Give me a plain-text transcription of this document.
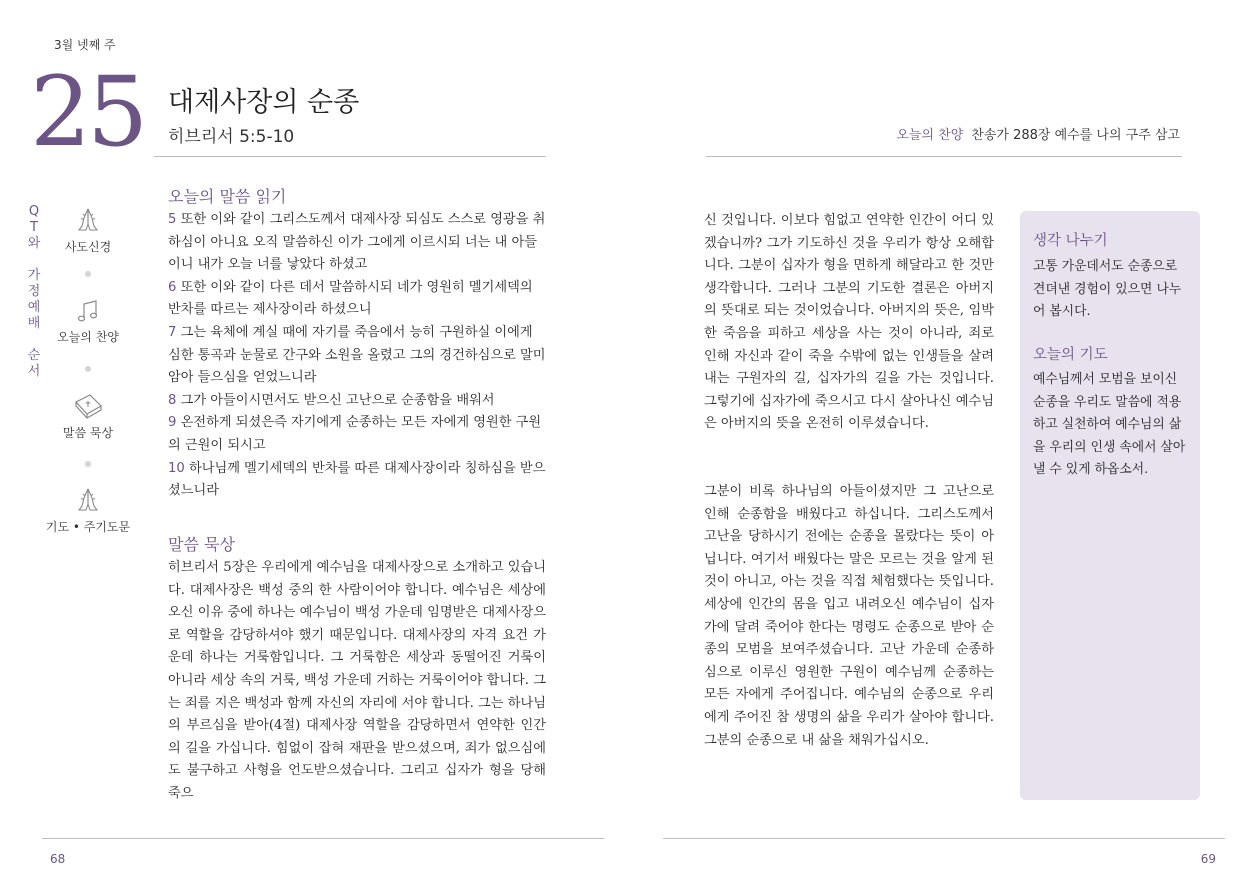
3월 넷째 주
25 대제사장의 순종
히브리서 5:5-10	오늘의 찬양 찬송가 288장 예수를 나의 구주 삼고
Q
T
와
가
정
예
배
순
서
사도신경
오늘의 찬양
말씀 묵상
기도 • 주기도문
오늘의 말씀 읽기

5 또한 이와 같이 그리스도께서 대제사장 되심도 스스로 영광을 취하심이 아니요 오직 말씀하신 이가 그에게 이르시되 너는 내 아들이니 내가 오늘 너를 낳았다 하셨고

6 또한 이와 같이 다른 데서 말씀하시되 네가 영원히 멜기세덱의 반차를 따르는 제사장이라 하셨으니

7 그는 육체에 계실 때에 자기를 죽음에서 능히 구원하실 이에게 심한 통곡과 눈물로 간구와 소원을 올렸고 그의 경건하심으로 말미암아 들으심을 얻었느니라

8 그가 아들이시면서도 받으신 고난으로 순종함을 배워서

9 온전하게 되셨은즉 자기에게 순종하는 모든 자에게 영원한 구원의 근원이 되시고

10 하나님께 멜기세덱의 반차를 따른 대제사장이라 칭하심을 받으셨느니라

말씀 묵상
히브리서 5장은 우리에게 예수님을 대제사장으로 소개하고 있습니다. 대제사장은 백성 중의 한 사람이어야 합니다. 예수님은 세상에 오신 이유 중에 하나는 예수님이 백성 가운데 임명받은 대제사장으로 역할을 감당하셔야 했기 때문입니다. 대제사장의 자격 요건 가운데 하나는 거룩함입니다. 그 거룩함은 세상과 동떨어진 거룩이 아니라 세상 속의 거룩, 백성 가운데 거하는 거룩이어야 합니다. 그는 죄를 지은 백성과 함께 자신의 자리에 서야 합니다. 그는 하나님의 부르심을 받아(4절) 대제사장 역할을 감당하면서 연약한 인간의 길을 가십니다. 힘없이 잡혀 재판을 받으셨으며, 죄가 없으심에도 불구하고 사형을 언도받으셨습니다. 그리고 십자가 형을 당해 죽으
신 것입니다. 이보다 힘없고 연약한 인간이 어디 있겠습니까? 그가 기도하신 것을 우리가 항상 오해합니다. 그분이 십자가 형을 면하게 해달라고 한 것만 생각합니다. 그러나 그분의 기도한 결론은 아버지의 뜻대로 되는 것이었습니다. 아버지의 뜻은, 임박한 죽음을 피하고 세상을 사는 것이 아니라, 죄로 인해 자신과 같이 죽을 수밖에 없는 인생들을 살려내는 구원자의 길, 십자가의 길을 가는 것입니다. 그렇기에 십자가에 죽으시고 다시 살아나신 예수님은 아버지의 뜻을 온전히 이루셨습니다.
그분이 비록 하나님의 아들이셨지만 그 고난으로 인해 순종함을 배웠다고 하십니다. 그리스도께서 고난을 당하시기 전에는 순종을 몰랐다는 뜻이 아닙니다. 여기서 배웠다는 말은 모르는 것을 알게 된 것이 아니고, 아는 것을 직접 체험했다는 뜻입니다. 세상에 인간의 몸을 입고 내려오신 예수님이 십자가에 달려 죽어야 한다는 명령도 순종으로 받아 순종의 모범을 보여주셨습니다. 고난 가운데 순종하심으로 이루신 영원한 구원이 예수님께 순종하는 모든 자에게 주어집니다. 예수님의 순종으로 우리에게 주어진 참 생명의 삶을 우리가 살아야 합니다. 그분의 순종으로 내 삶을 채워가십시오.
생각 나누기
고통 가운데서도 순종으로 견뎌낸 경험이 있으면 나누어 봅시다.
오늘의 기도
예수님께서 모범을 보이신 순종을 우리도 말씀에 적용하고 실천하여 예수님의 삶을 우리의 인생 속에서 살아낼 수 있게 하옵소서.
68	69
